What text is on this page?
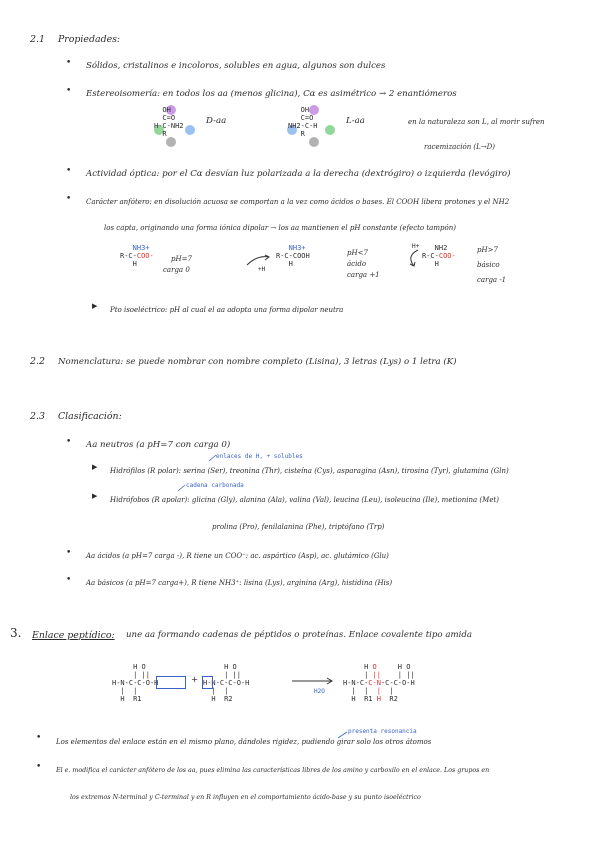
2.1 Propiedades:
• Sólidos, cristalinos e incoloros, solubles en agua, algunos son dulces
• Estereoisomería: en todos los aa (menos glicina), Cα es asimétrico → 2 enantiómeros
OH
C=O
H-C-NH2
R
D-aa
OH
C=O
NH2-C-H
R
L-aa	en la naturaleza son L, al morir sufren
racemización (L→D)
• Actividad óptica: por el Cα desvían luz polarizada a la derecha (dextrógiro) o izquierda (levógiro)
• Carácter anfótero: en disolución acuosa se comportan a la vez como ácidos o bases. El COOH libera protones y el NH2
los capta, originando una forma iónica dipolar → los aa mantienen el pH constante (efecto tampón)
NH3+
R-C-COO-
H
pH=7
carga 0	+H
NH3+
R-C-COOH
H
pH<7
ácido
carga +1
H+	NH2
R-C-COO-
H
pH>7
básico
carga -1
▶ Pto isoeléctrico: pH al cual el aa adopta una forma dipolar neutra
2.2 Nomenclatura: se puede nombrar con nombre completo (Lisina), 3 letras (Lys) o 1 letra (K)
2.3 Clasificación:
• Aa neutros (a pH=7 con carga 0)
enlaces de H, + solubles
▶ Hidrófilos (R polar): serina (Ser), treonina (Thr), cisteína (Cys), asparagina (Asn), tirosina (Tyr), glutamina (Gln)
cadena carbonada
▶ Hidrófobos (R apolar): glicina (Gly), alanina (Ala), valina (Val), leucina (Leu), isoleucina (Ile), metionina (Met)
prolina (Pro), fenilalanina (Phe), triptófano (Trp)
• Aa ácidos (a pH=7 carga -), R tiene un COO⁻: ac. aspártico (Asp), ac. glutámico (Glu)
• Aa básicos (a pH=7 carga+), R tiene NH3⁺: lisina (Lys), arginina (Arg), histidina (His)
3. Enlace peptídico: une aa formando cadenas de péptidos o proteínas. Enlace covalente tipo amida
H O
| ||
H-N-C-C-O-H
|  |
H  R1
+
H O
| ||
H-N-C-C-O-H
|  |
H  R2
H2O
H O	H O
| ||    | ||
H-N-C-C-N-C-C-O-H
|  |  |  |
H  R1 H  R2
presenta resonancia
• Los elementos del enlace están en el mismo plano, dándoles rigidez, pudiendo girar solo los otros átomos
• El e. modifica el carácter anfótero de los aa, pues elimina las características libres de los amino y carboxilo en el enlace. Los grupos en
los extremos N-terminal y C-terminal y en R influyen en el comportamiento ácido-base y su punto isoeléctrico
